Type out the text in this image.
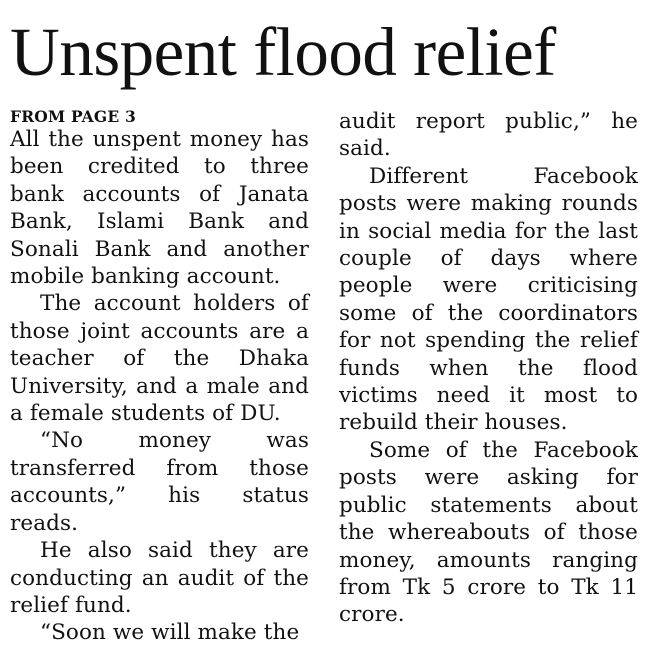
Unspent flood relief
FROM PAGE 3

All the unspent money has been credited to three bank accounts of Janata Bank, Islami Bank and Sonali Bank and another mobile banking account.

The account holders of those joint accounts are a teacher of the Dhaka University, and a male and a female students of DU.

“No money was transferred from those accounts,” his status reads.

He also said they are conducting an audit of the relief fund.

“Soon we will make the

audit report public,” he said.

Different Facebook posts were making rounds in social media for the last couple of days where people were criticising some of the coordinators for not spending the relief funds when the flood victims need it most to rebuild their houses.

Some of the Facebook posts were asking for public statements about the whereabouts of those money, amounts ranging from Tk 5 crore to Tk 11 crore.
